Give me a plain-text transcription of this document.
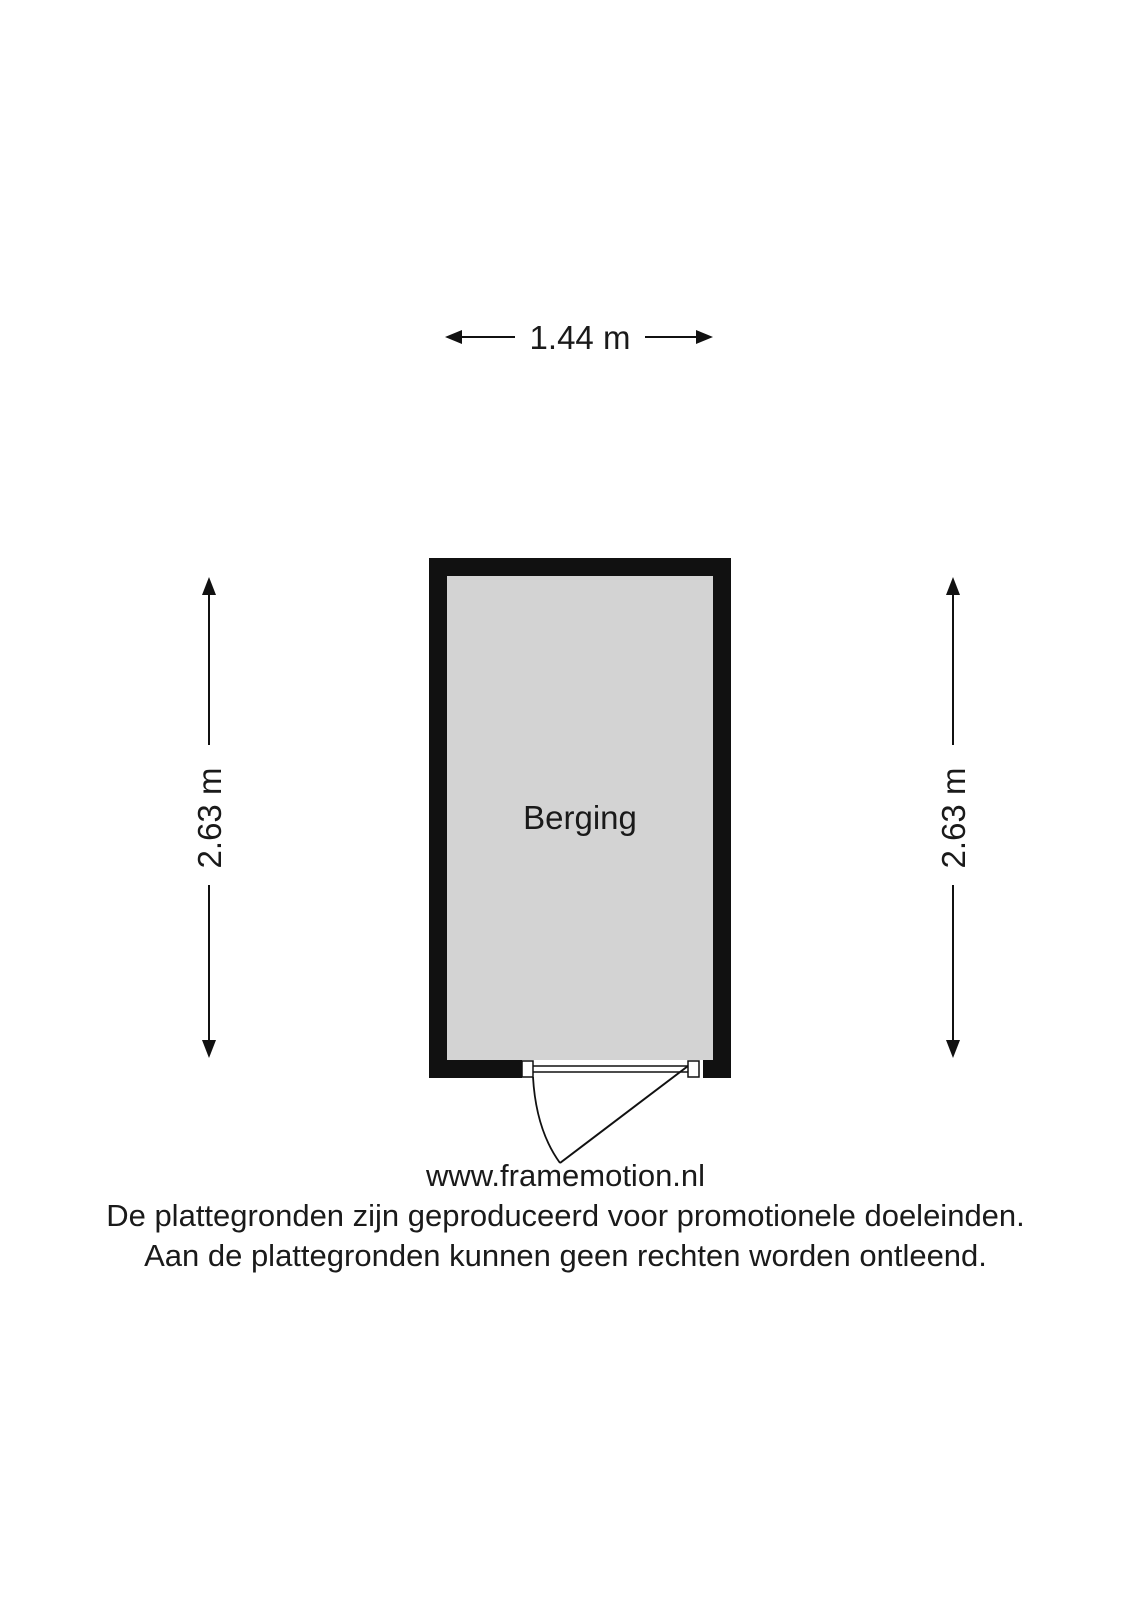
1.44 m
2.63 m	2.63 m
Berging
www.framemotion.nl
De plattegronden zijn geproduceerd voor promotionele doeleinden.
Aan de plattegronden kunnen geen rechten worden ontleend.
